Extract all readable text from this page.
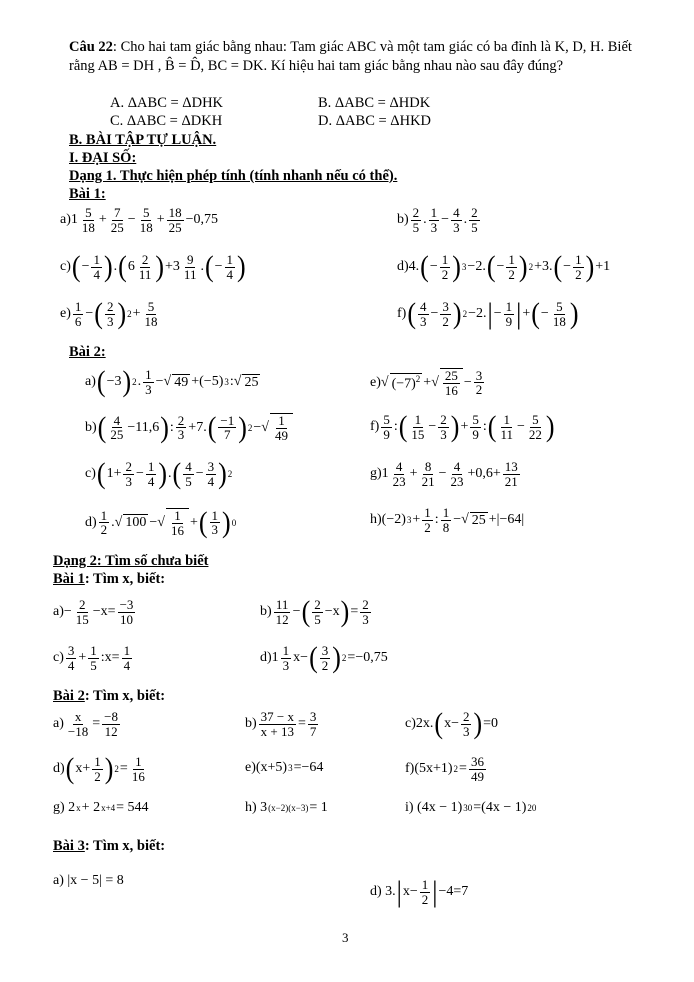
Câu 22: Cho hai tam giác bằng nhau: Tam giác ABC và một tam giác có ba đỉnh là K, D, H. Biết rằng AB = DH , B̂ = D̂, BC = DK. Kí hiệu hai tam giác bằng nhau nào sau đây đúng?
A. ΔABC = ΔDHK	B. ΔABC = ΔHDK
C. ΔABC = ΔDKH	D. ΔABC = ΔHKD
B. BÀI TẬP TỰ LUẬN.
I. ĐẠI SỐ:
Dạng 1. Thực hiện phép tính (tính nhanh nếu có thể).
Bài 1:
$a)1 \frac{5}{18} + \frac{7}{25} - \frac{5}{18} + \frac{18}{25} -0,75$	$b) \frac{2}{5}$ . $\frac{1}{3} - \frac{4}{3}$ . $\frac{2}{5}$
c) ( − $\frac{1}{4}$ ) . ( $6 \frac{2}{11}$ ) $+3 \frac{9}{11}$ . ( − $\frac{1}{4}$ )	d)4. ( − $\frac{1}{2}$ ) 3 −2. ( − $\frac{1}{2}$ ) 2 +3. ( − $\frac{1}{2}$ ) +1
$e) \frac{1}{6}$ − ( $\frac{2}{3}$ ) $2 + \frac{5}{18}$	f) ( $\frac{4}{3} - \frac{3}{2}$ ) 2 −2. | − $\frac{1}{9}$ | + ( − $\frac{5}{18}$ )
Bài 2:
a) ( −3 ) 2 . $\frac{1}{3}$ −√ 49 +(−5) 3 :√ 25	e)√ $(-7)^2$ +√ $\frac{25}{16} - \frac{3}{2}$
b) ( $\frac{4}{25} -11,6$ ) : $\frac{2}{3} +7$. ( $\frac{-1}{7}$ ) 2 −√ $\frac{1}{49}$	$f) \frac{5}{9}$ : ( $\frac{1}{15} - \frac{2}{3}$ ) + $\frac{5}{9}$ : ( $\frac{1}{11} - \frac{5}{22}$ )
c) ( $1+ \frac{2}{3} - \frac{1}{4}$ ) . ( $\frac{4}{5} - \frac{3}{4}$ ) 2	$g)1 \frac{4}{23} + \frac{8}{21} - \frac{4}{23} +0,6+ \frac{13}{21}$
$d) \frac{1}{2}$ .√ 100 −√ $\frac{1}{16}$ + ( $\frac{1}{3}$ ) 0	h)(−2) $3 + \frac{1}{2}$ : $\frac{1}{8}$ −√ 25 +|−64|
Dạng 2: Tìm số chưa biết
Bài 1: Tìm x, biết:
$a)- \frac{2}{15} -x= \frac{-3}{10}$	$b) \frac{11}{12}$ − ( $\frac{2}{5} -x$ ) = $\frac{2}{3}$
$c) \frac{3}{4} + \frac{1}{5}$ :x= $\frac{1}{4}$	$d)1 \frac{1}{3} x-$ ( $\frac{3}{2}$ ) 2 =−0,75
Bài 2: Tìm x, biết:
$a) \frac{x}{-18} = \frac{-8}{12}$	$b) \frac{37 - x}{x + 13} = \frac{3}{7}$	c)2x. ( $x- \frac{2}{3}$ ) =0
d) ( $x+ \frac{1}{2}$ ) $2 = \frac{1}{16}$	e)(x+5) 3 =−64	f)(5x+1) $2 = \frac{36}{49}$
g) 2 x + 2 x+4 = 544	h) 3 (x−2)(x−3) = 1	i) (4x − 1) 30 =(4x − 1) 20
Bài 3: Tìm x, biết:
a) |x − 5| = 8
d) 3. | $x- \frac{1}{2}$ | −4=7
3
